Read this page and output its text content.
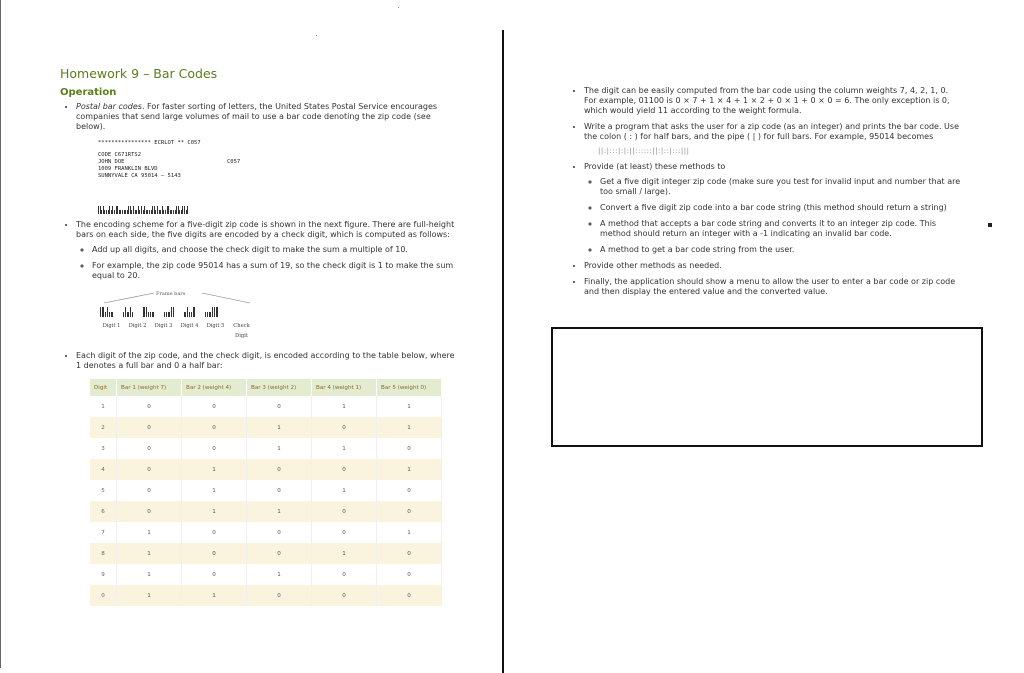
Homework 9 – Bar Codes
Operation
• Postal bar codes. For faster sorting of letters, the United States Postal Service encourages companies that send large volumes of mail to use a bar code denoting the zip code (see below).
**************** ECRLOT ** C057
CODE C671RTS2
JOHN DOE	C057
1009 FRANKLIN BLVD
SUNNYVALE CA 95014 – 5143
• The encoding scheme for a five-digit zip code is shown in the next figure. There are full-height bars on each side, the five digits are encoded by a check digit, which is computed as follows:
◦ Add up all digits, and choose the check digit to make the sum a multiple of 10.
◦ For example, the zip code 95014 has a sum of 19, so the check digit is 1 to make the sum equal to 20.
Frame bars
Digit 1	Digit 2	Digit 3	Digit 4	Digit 5	Check Digit
• Each digit of the zip code, and the check digit, is encoded according to the table below, where 1 denotes a full bar and 0 a half bar:
Digit	Bar 1 (weight 7)	Bar 2 (weight 4)	Bar 3 (weight 2)	Bar 4 (weight 1)	Bar 5 (weight 0)
1	0	0	0	1	1
2	0	0	1	0	1
3	0	0	1	1	0
4	0	1	0	0	1
5	0	1	0	1	0
6	0	1	1	0	0
7	1	0	0	0	1
8	1	0	0	1	0
9	1	0	1	0	0
0	1	1	0	0	0
• The digit can be easily computed from the bar code using the column weights 7, 4, 2, 1, 0. For example, 01100 is 0 × 7 + 1 × 4 + 1 × 2 + 0 × 1 + 0 × 0 = 6. The only exception is 0, which would yield 11 according to the weight formula.
• Write a program that asks the user for a zip code (as an integer) and prints the bar code. Use the colon ( : ) for half bars, and the pipe ( | ) for full bars. For example, 95014 becomes
||:|:::|:|:||::::::||:|::|:::|||
• Provide (at least) these methods to
◦ Get a five digit integer zip code (make sure you test for invalid input and number that are too small / large).
◦ Convert a five digit zip code into a bar code string (this method should return a string)
◦ A method that accepts a bar code string and converts it to an integer zip code. This method should return an integer with a -1 indicating an invalid bar code.
◦ A method to get a bar code string from the user.
• Provide other methods as needed.
• Finally, the application should show a menu to allow the user to enter a bar code or zip code and then display the entered value and the converted value.
